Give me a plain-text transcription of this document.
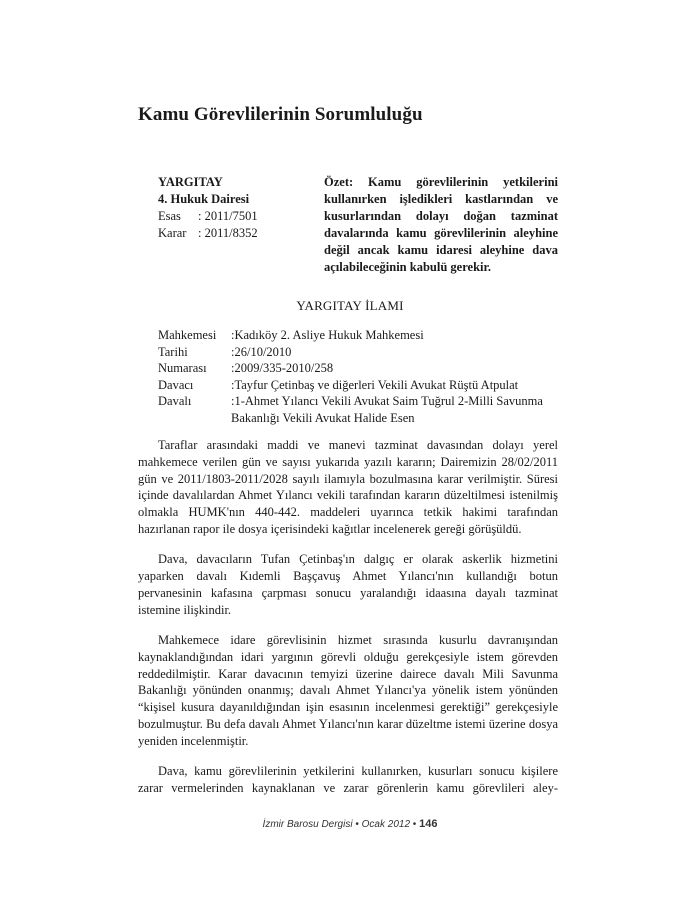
Kamu Görevlilerinin Sorumluluğu
YARGITAY
4. Hukuk Dairesi
Esas	: 2011/7501
Karar : 2011/8352
Özet: Kamu görevlilerinin yetkilerini kullanırken işledikleri kastlarından ve kusurlarından dolayı doğan tazminat davalarında kamu görevlilerinin aleyhine değil ancak kamu idaresi aleyhine dava açılabileceğinin kabulü gerekir.
YARGITAY İLAMI
Mahkemesi	:Kadıköy 2. Asliye Hukuk Mahkemesi
Tarihi	:26/10/2010
Numarası	:2009/335-2010/258
Davacı	:Tayfur Çetinbaş ve diğerleri Vekili Avukat Rüştü Atpulat
Davalı	:1-Ahmet Yılancı Vekili Avukat Saim Tuğrul 2-Milli Savunma Bakanlığı Vekili Avukat Halide Esen

Taraflar arasındaki maddi ve manevi tazminat davasından dolayı yerel mahkemece verilen gün ve sayısı yukarıda yazılı kararın; Dairemizin 28/02/2011 gün ve 2011/1803-2011/2028 sayılı ilamıyla bozulmasına karar verilmiştir. Süresi içinde davalılardan Ahmet Yılancı vekili tarafından kararın düzeltilmesi istenilmiş olmakla HUMK'nın 440-442. maddeleri uyarınca tetkik hakimi tarafından hazırlanan rapor ile dosya içerisindeki kağıtlar incelenerek gereği görüşüldü.

Dava, davacıların Tufan Çetinbaş'ın dalgıç er olarak askerlik hizmetini yaparken davalı Kıdemli Başçavuş Ahmet Yılancı'nın kullandığı botun pervanesinin kafasına çarpması sonucu yaralandığı idaasına dayalı tazminat istemine ilişkindir.

Mahkemece idare görevlisinin hizmet sırasında kusurlu davranışından kaynaklandığından idari yargının görevli olduğu gerekçesiyle istem görevden reddedilmiştir. Karar davacının temyizi üzerine dairece davalı Mili Savunma Bakanlığı yönünden onanmış; davalı Ahmet Yılancı'ya yönelik istem yönünden “kişisel kusura dayanıldığından işin esasının incelenmesi gerektiği” gerekçesiyle bozulmuştur. Bu defa davalı Ahmet Yılancı'nın karar düzeltme istemi üzerine dosya yeniden incelenmiştir.

Dava, kamu görevlilerinin yetkilerini kullanırken, kusurları sonucu kişilere zarar vermelerinden kaynaklanan ve zarar görenlerin kamu görevlileri aley-

İzmir Barosu Dergisi • Ocak 2012 • 146
